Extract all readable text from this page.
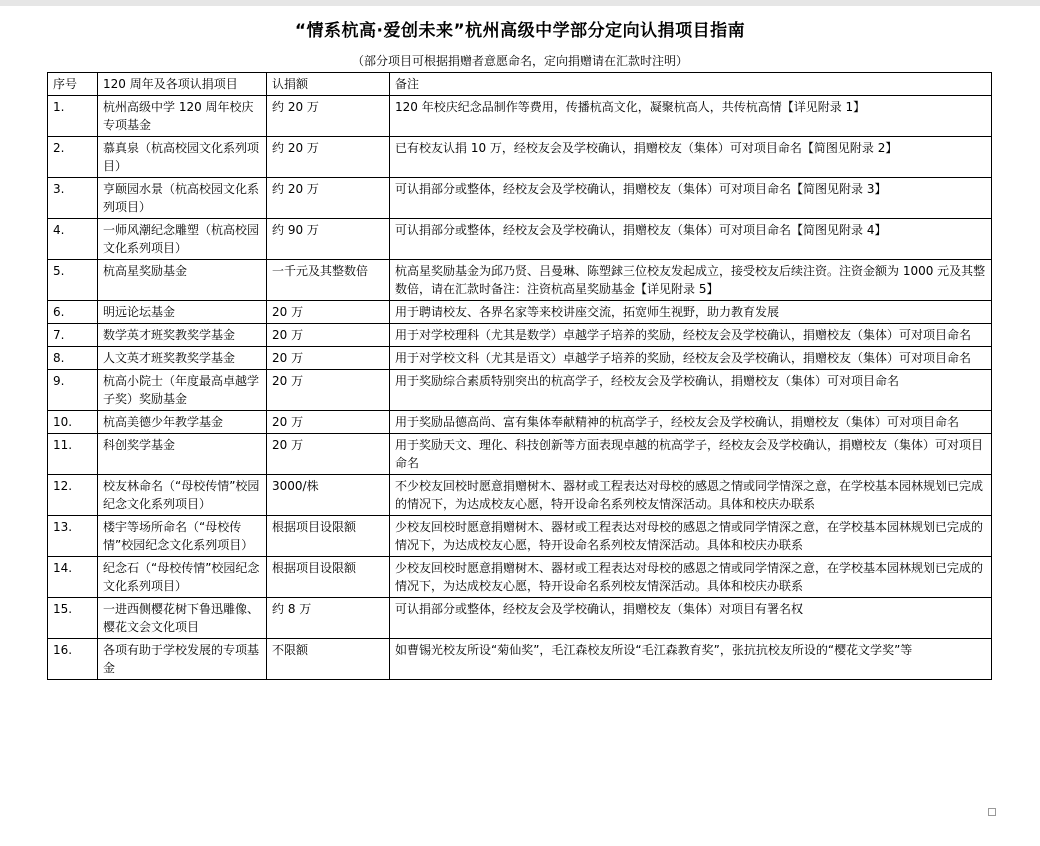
“情系杭高·爱创未来”杭州高级中学部分定向认捐项目指南
（部分项目可根据捐赠者意愿命名，定向捐赠请在汇款时注明）
序号	120 周年及各项认捐项目	认捐额	备注
1.	杭州高级中学 120 周年校庆专项基金	约 20 万	120 年校庆纪念品制作等费用，传播杭高文化，凝聚杭高人，共传杭高情【详见附录 1】
2.	慕真泉（杭高校园文化系列项目）	约 20 万	已有校友认捐 10 万，经校友会及学校确认，捐赠校友（集体）可对项目命名【简图见附录 2】
3.	亨颐园水景（杭高校园文化系列项目）	约 20 万	可认捐部分或整体，经校友会及学校确认，捐赠校友（集体）可对项目命名【简图见附录 3】
4.	一师风潮纪念雕塑（杭高校园文化系列项目）	约 90 万	可认捐部分或整体，经校友会及学校确认，捐赠校友（集体）可对项目命名【简图见附录 4】
5.	杭高星奖励基金	一千元及其整数倍	杭高星奖励基金为邱乃贤、吕曼琳、陈塑銶三位校友发起成立，接受校友后续注资。注资金额为 1000 元及其整数倍，请在汇款时备注：注资杭高星奖励基金【详见附录 5】
6.	明远论坛基金	20 万	用于聘请校友、各界名家等来校讲座交流，拓宽师生视野，助力教育发展
7.	数学英才班奖教奖学基金	20 万	用于对学校理科（尤其是数学）卓越学子培养的奖励，经校友会及学校确认，捐赠校友（集体）可对项目命名
8.	人文英才班奖教奖学基金	20 万	用于对学校文科（尤其是语文）卓越学子培养的奖励，经校友会及学校确认，捐赠校友（集体）可对项目命名
9.	杭高小院士（年度最高卓越学子奖）奖励基金	20 万	用于奖励综合素质特别突出的杭高学子，经校友会及学校确认，捐赠校友（集体）可对项目命名
10.	杭高美德少年教学基金	20 万	用于奖励品德高尚、富有集体奉献精神的杭高学子，经校友会及学校确认，捐赠校友（集体）可对项目命名
11.	科创奖学基金	20 万	用于奖励天文、理化、科技创新等方面表现卓越的杭高学子，经校友会及学校确认，捐赠校友（集体）可对项目命名
12.	校友林命名（“母校传情”校园纪念文化系列项目）	3000/株	不少校友回校时愿意捐赠树木、器材或工程表达对母校的感恩之情或同学情深之意，在学校基本园林规划已完成的情况下，为达成校友心愿，特开设命名系列校友情深活动。具体和校庆办联系
13.	楼宇等场所命名（“母校传情”校园纪念文化系列项目）	根据项目设限额	少校友回校时愿意捐赠树木、器材或工程表达对母校的感恩之情或同学情深之意，在学校基本园林规划已完成的情况下，为达成校友心愿，特开设命名系列校友情深活动。具体和校庆办联系
14.	纪念石（“母校传情”校园纪念文化系列项目）	根据项目设限额	少校友回校时愿意捐赠树木、器材或工程表达对母校的感恩之情或同学情深之意，在学校基本园林规划已完成的情况下，为达成校友心愿，特开设命名系列校友情深活动。具体和校庆办联系
15.	一进西侧樱花树下鲁迅雕像、樱花文会文化项目	约 8 万	可认捐部分或整体，经校友会及学校确认，捐赠校友（集体）对项目有署名权
16.	各项有助于学校发展的专项基金	不限额	如曹锡光校友所设“菊仙奖”，毛江森校友所设“毛江森教育奖”，张抗抗校友所设的“樱花文学奖”等
